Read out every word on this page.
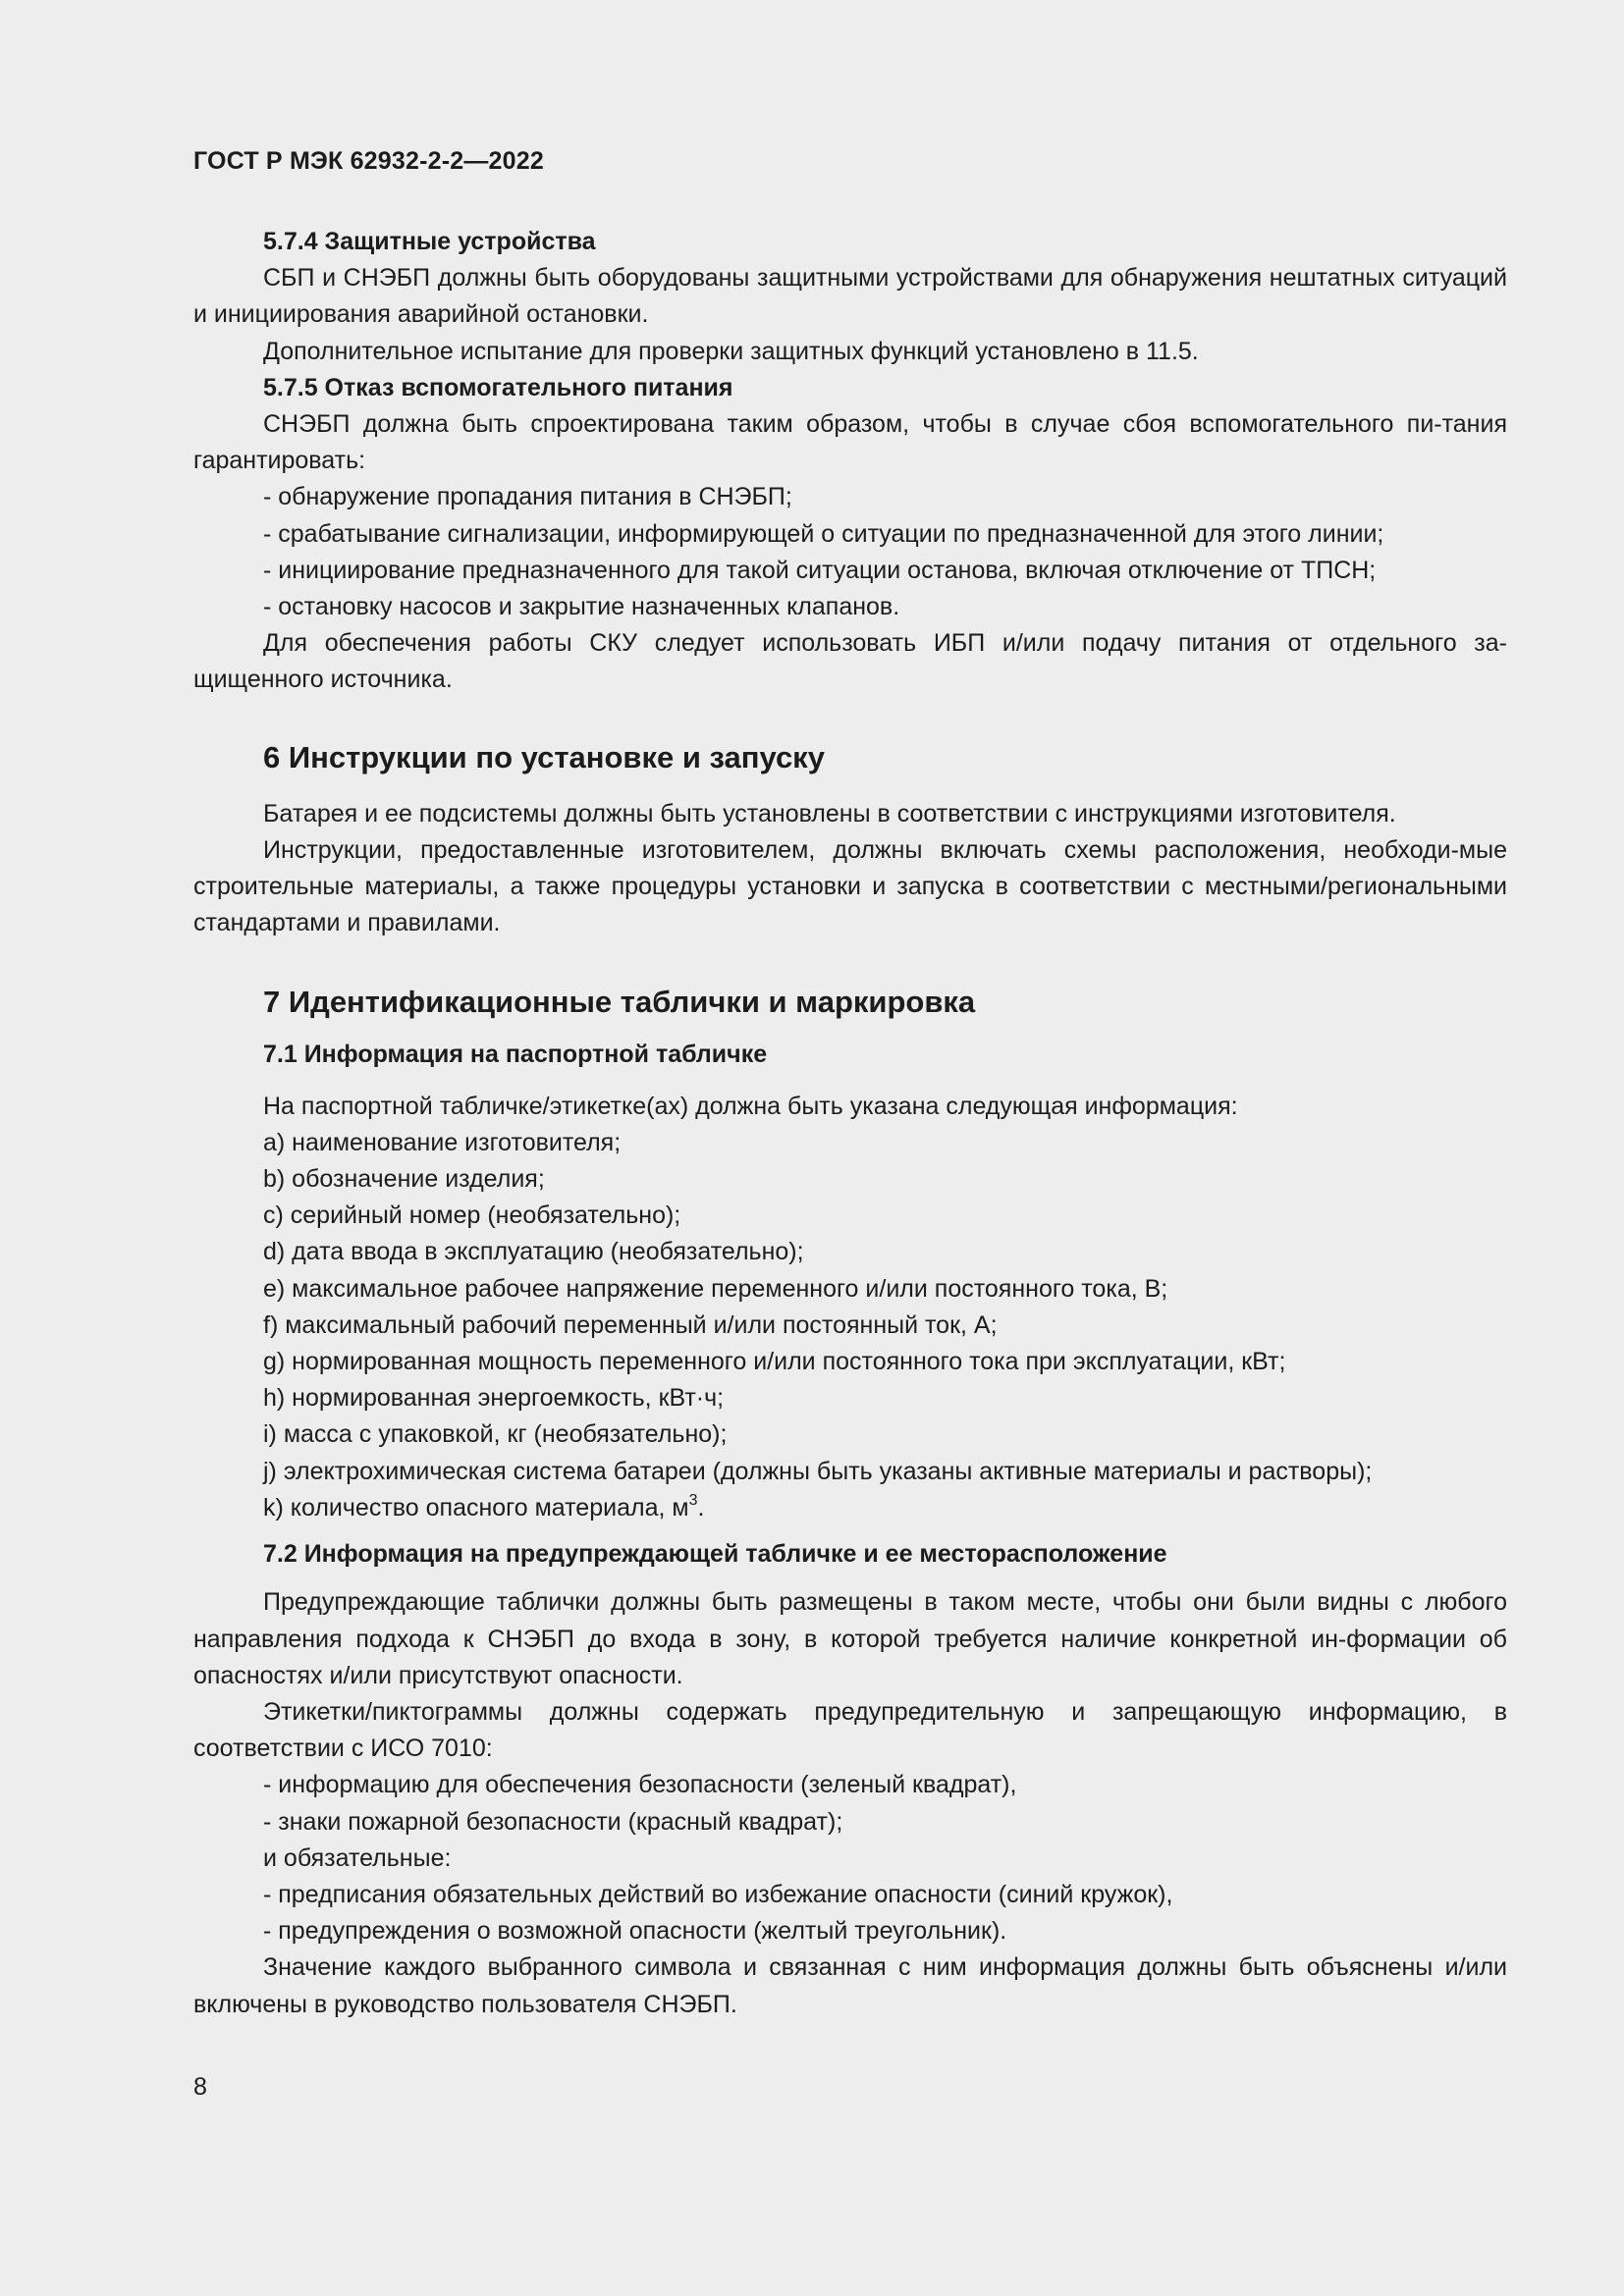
ГОСТ Р МЭК 62932-2-2—2022

5.7.4 Защитные устройства

СБП и СНЭБП должны быть оборудованы защитными устройствами для обнаружения нештатных ситуаций и инициирования аварийной остановки.

Дополнительное испытание для проверки защитных функций установлено в 11.5.

5.7.5 Отказ вспомогательного питания

СНЭБП должна быть спроектирована таким образом, чтобы в случае сбоя вспомогательного пи-тания гарантировать:

- обнаружение пропадания питания в СНЭБП;

- срабатывание сигнализации, информирующей о ситуации по предназначенной для этого линии;

- инициирование предназначенного для такой ситуации останова, включая отключение от ТПСН;

- остановку насосов и закрытие назначенных клапанов.

Для обеспечения работы СКУ следует использовать ИБП и/или подачу питания от отдельного за-щищенного источника.

6 Инструкции по установке и запуску

Батарея и ее подсистемы должны быть установлены в соответствии с инструкциями изготовителя.

Инструкции, предоставленные изготовителем, должны включать схемы расположения, необходи-мые строительные материалы, а также процедуры установки и запуска в соответствии с местными/региональными стандартами и правилами.

7 Идентификационные таблички и маркировка

7.1 Информация на паспортной табличке

На паспортной табличке/этикетке(ах) должна быть указана следующая информация:

a) наименование изготовителя;

b) обозначение изделия;

c) серийный номер (необязательно);

d) дата ввода в эксплуатацию (необязательно);

e) максимальное рабочее напряжение переменного и/или постоянного тока, В;

f) максимальный рабочий переменный и/или постоянный ток, А;

g) нормированная мощность переменного и/или постоянного тока при эксплуатации, кВт;

h) нормированная энергоемкость, кВт·ч;

i) масса с упаковкой, кг (необязательно);

j) электрохимическая система батареи (должны быть указаны активные материалы и растворы);

k) количество опасного материала, $м^3$.

7.2 Информация на предупреждающей табличке и ее месторасположение

Предупреждающие таблички должны быть размещены в таком месте, чтобы они были видны с любого направления подхода к СНЭБП до входа в зону, в которой требуется наличие конкретной ин-формации об опасностях и/или присутствуют опасности.

Этикетки/пиктограммы должны содержать предупредительную и запрещающую информацию, в соответствии с ИСО 7010:

- информацию для обеспечения безопасности (зеленый квадрат),

- знаки пожарной безопасности (красный квадрат);

и обязательные:

- предписания обязательных действий во избежание опасности (синий кружок),

- предупреждения о возможной опасности (желтый треугольник).

Значение каждого выбранного символа и связанная с ним информация должны быть объяснены и/или включены в руководство пользователя СНЭБП.

8
